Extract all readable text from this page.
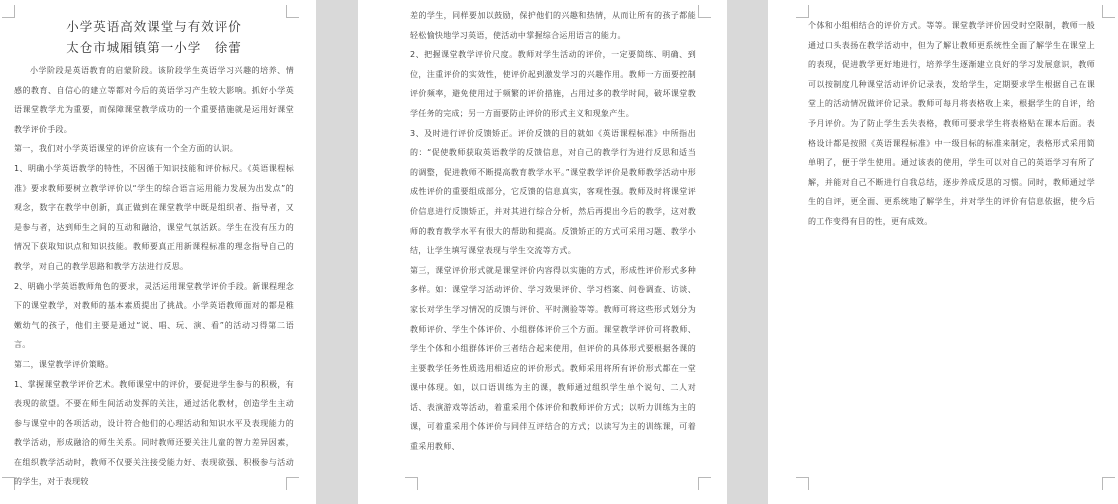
小学英语高效课堂与有效评价

太仓市城厢镇第一小学　徐蕾

小学阶段是英语教育的启蒙阶段。该阶段学生英语学习兴趣的培养、情感的教育、自信心的建立等都对今后的英语学习产生较大影响。抓好小学英语课堂教学尤为重要，而保障课堂教学成功的一个重要措施就是运用好课堂教学评价手段。

第一，我们对小学英语课堂的评价应该有一个全方面的认识。

1、明确小学英语教学的特性，不因循于知识技能和评价标尺。《英语课程标准》要求教师要树立教学评价以“学生的综合语言运用能力发展为出发点”的观念，数字在教学中创新，真正做到在课堂教学中既是组织者、指导者，又是参与者，达到师生之间的互动和融洽，课堂气氛活跃。学生在没有压力的情况下获取知识点和知识技能。教师要真正用新课程标准的理念指导自己的教学，对自己的教学思路和教学方法进行反思。

2、明确小学英语教师角色的要求，灵活运用课堂教学评价手段。新课程理念下的课堂教学，对教师的基本素质提出了挑战。小学英语教师面对的都是稚嫩幼气的孩子，他们主要是通过“说、唱、玩、演、看”的活动习得第二语言。

第二，课堂教学评价策略。

1、掌握课堂教学评价艺术。教师课堂中的评价，要促进学生参与的积极，有表现的欲望。不要在师生间活动发挥的关注，通过活化教材，创造学生主动参与课堂中的各项活动，设计符合他们的心理活动和知识水平及表现能力的教学活动，形成融洽的师生关系。同时教师还要关注儿童的智力差异因素，在组织教学活动时，教师不仅要关注接受能力好、表现欲强、积极参与活动的学生，对于表现较

差的学生，同样要加以鼓励，保护他们的兴趣和热情，从而让所有的孩子都能轻松愉快地学习英语，使活动中掌握综合运用语言的能力。

2、把握课堂教学评价尺度。教师对学生活动的评价，一定要简练、明确、到位，注重评价的实效性，使评价起到激发学习的兴趣作用。教师一方面要控制评价频率，避免使用过于频繁的评价措施，占用过多的教学时间，破坏课堂教学任务的完成；另一方面要防止评价的形式主义和现象产生。

3、及时进行评价反馈矫正。评价反馈的目的就如《英语课程标准》中所指出的：“促使教师获取英语教学的反馈信息，对自己的教学行为进行反思和适当的调整，促进教师不断提高教育教学水平。”课堂教学评价是教师教学活动中形成性评价的重要组成部分，它反馈的信息真实，客观性强。教师及时将课堂评价信息进行反馈矫正，并对其进行综合分析，然后再提出今后的教学，这对教师的教育教学水平有很大的帮助和提高。反馈矫正的方式可采用习题、教学小结，让学生填写课堂表现与学生交流等方式。

第三，课堂评价形式就是课堂评价内容得以实施的方式，形成性评价形式多种多样。如：课堂学习活动评价、学习效果评价、学习档案、问卷调查、访谈、家长对学生学习情况的反馈与评价、平时测验等等。教师可将这些形式划分为教师评价、学生个体评价、小组群体评价三个方面。课堂教学评价可将教师、学生个体和小组群体评价三者结合起来使用，但评价的具体形式要根据各课的主要教学任务性质选用相适应的评价形式。教师采用将所有评价形式都在一堂课中体现。如，以口语训练为主的课，教师通过组织学生单个说句、二人对话、表演游戏等活动，着重采用个体评价和教师评价方式；以听力训练为主的课，可着重采用个体评价与同伴互评结合的方式；以读写为主的训练课，可着重采用教师、

个体和小组相结合的评价方式。等等。课堂教学评价因受时空限制，教师一般通过口头表扬在教学活动中，但为了解让教师更系统性全面了解学生在课堂上的表现，促进教学更好地进行，培养学生逐渐建立良好的学习发展意识，教师可以按制度几种课堂活动评价记录表，发给学生，定期要求学生根据自己在课堂上的活动情况做评价记录。教师可每月将表格收上来，根据学生的自评，给予月评价。为了防止学生丢失表格，教师可要求学生将表格贴在课本后面。表格设计都是按照《英语课程标准》中一级目标的标准来制定，表格形式采用简单明了，便于学生使用。通过该表的使用，学生可以对自己的英语学习有所了解，并能对自己不断进行自我总结，逐步养成反思的习惯。同时，教师通过学生的自评，更全面、更系统地了解学生，并对学生的评价有信息依据，使今后的工作变得有目的性，更有成效。
